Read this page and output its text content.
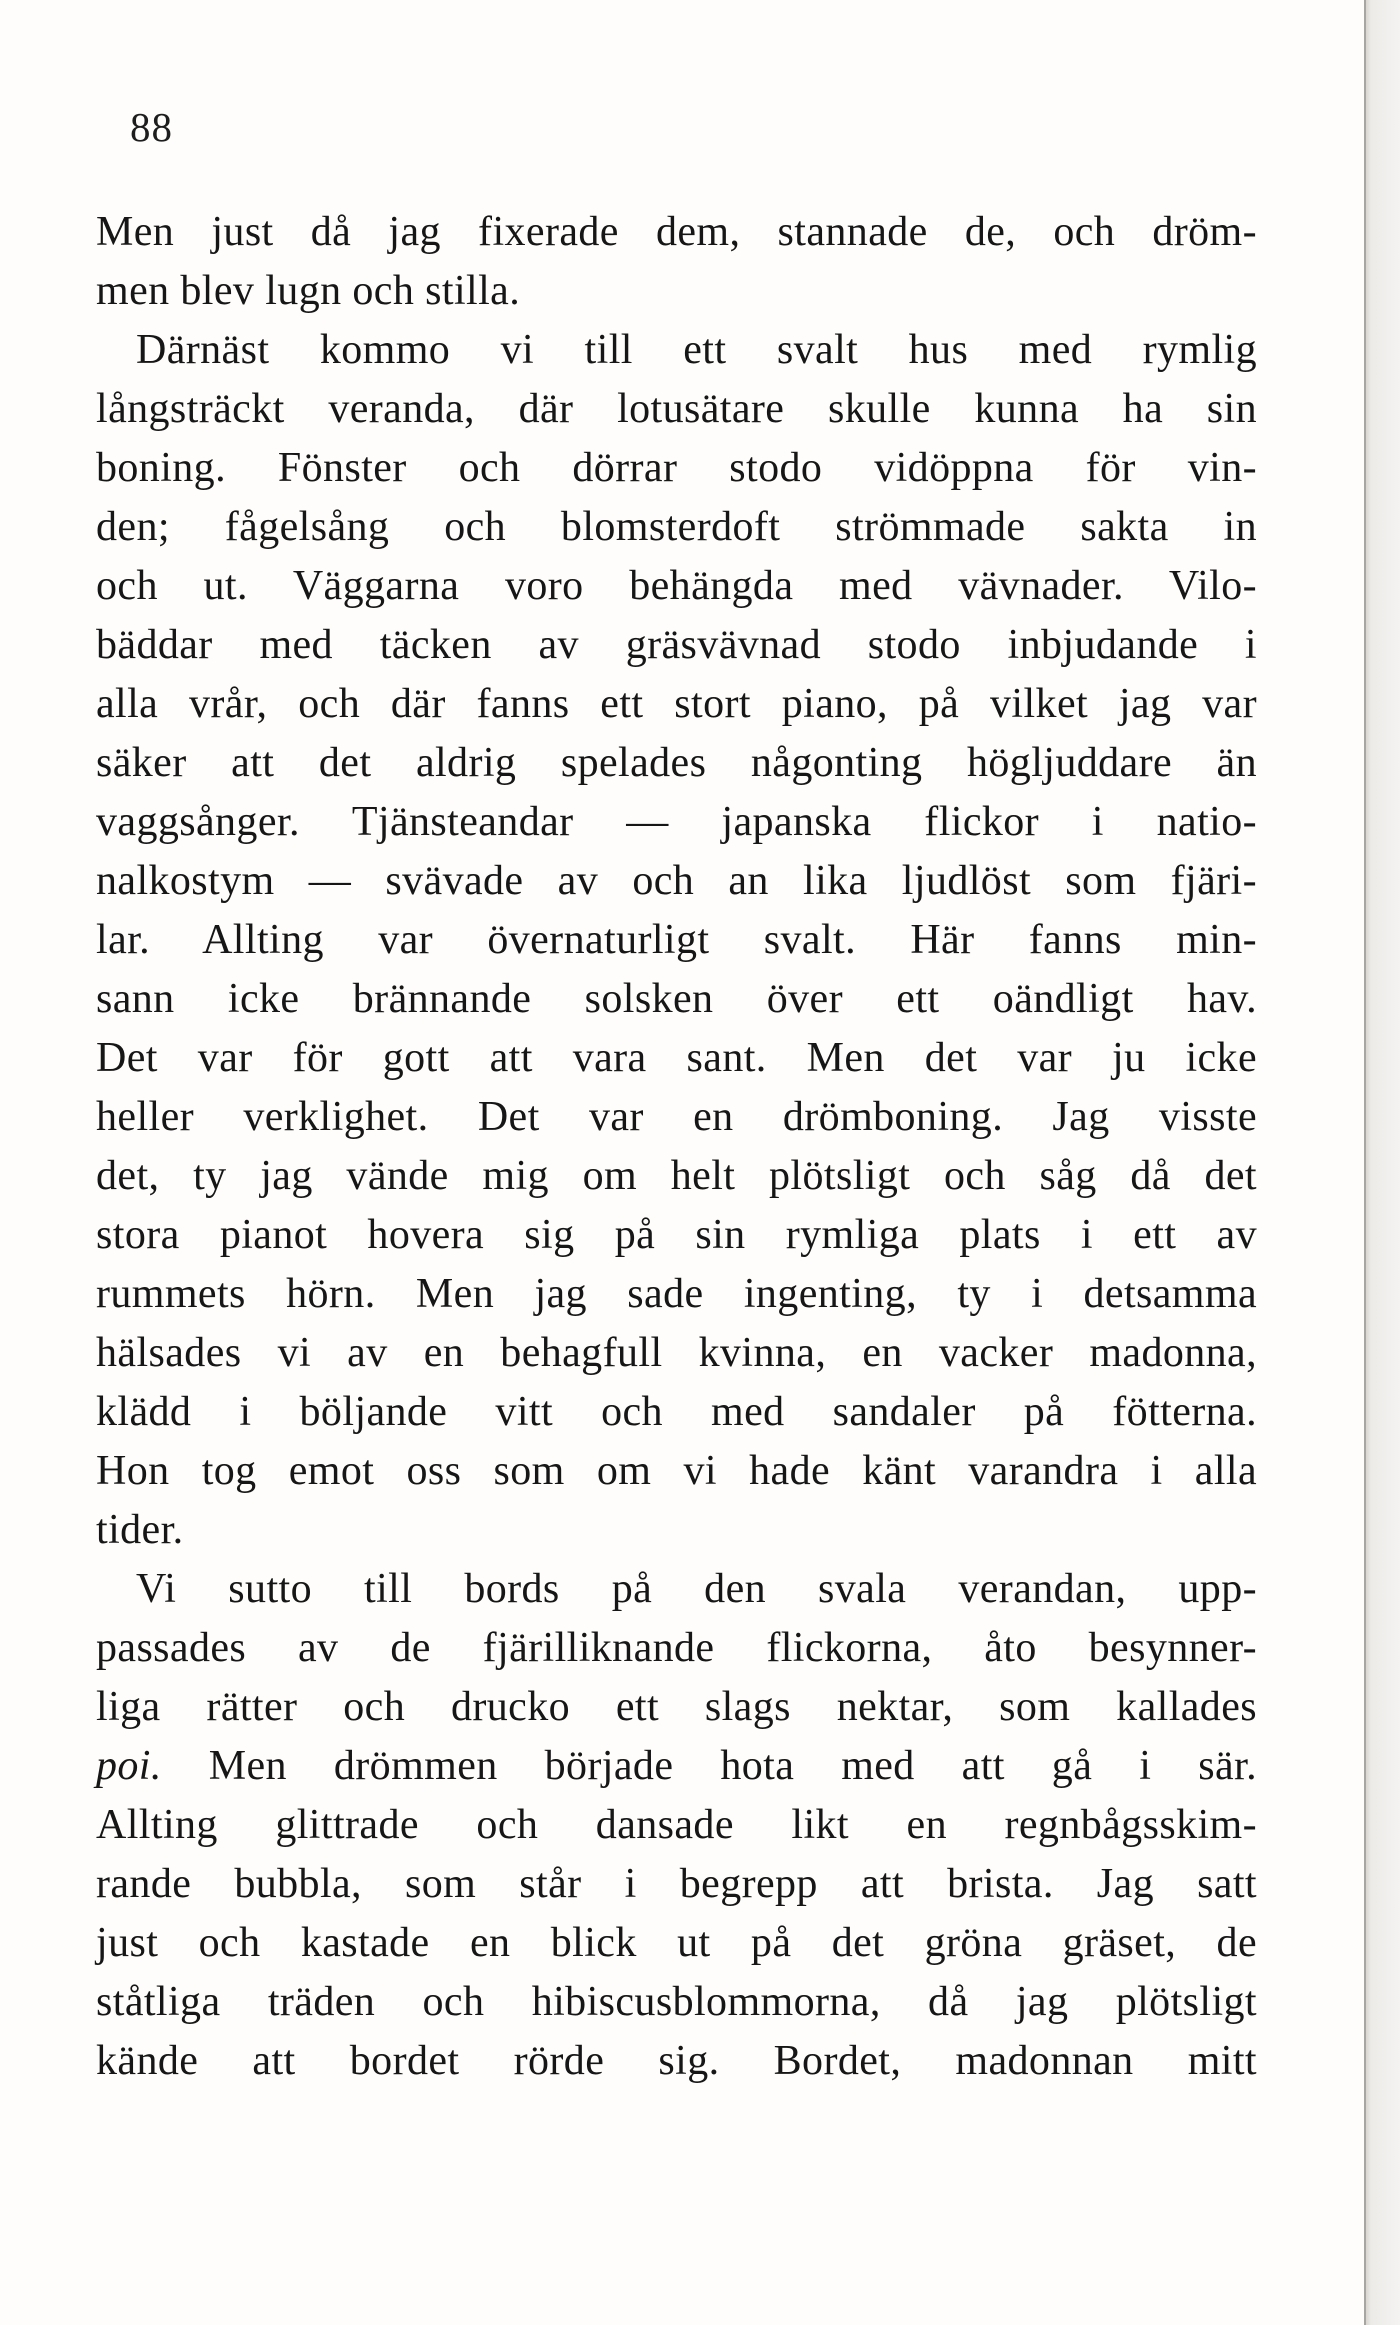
88
Men just då jag fixerade dem, stannade de, och dröm-
men blev lugn och stilla.
Därnäst kommo vi till ett svalt hus med rymlig
långsträckt veranda, där lotusätare skulle kunna ha sin
boning. Fönster och dörrar stodo vidöppna för vin-
den; fågelsång och blomsterdoft strömmade sakta in
och ut. Väggarna voro behängda med vävnader. Vilo-
bäddar med täcken av gräsvävnad stodo inbjudande i
alla vrår, och där fanns ett stort piano, på vilket jag var
säker att det aldrig spelades någonting högljuddare än
vaggsånger. Tjänsteandar — japanska flickor i natio-
nalkostym — svävade av och an lika ljudlöst som fjäri-
lar. Allting var övernaturligt svalt. Här fanns min-
sann icke brännande solsken över ett oändligt hav.
Det var för gott att vara sant. Men det var ju icke
heller verklighet. Det var en drömboning. Jag visste
det, ty jag vände mig om helt plötsligt och såg då det
stora pianot hovera sig på sin rymliga plats i ett av
rummets hörn. Men jag sade ingenting, ty i detsamma
hälsades vi av en behagfull kvinna, en vacker madonna,
klädd i böljande vitt och med sandaler på fötterna.
Hon tog emot oss som om vi hade känt varandra i alla
tider.
Vi sutto till bords på den svala verandan, upp-
passades av de fjärilliknande flickorna, åto besynner-
liga rätter och drucko ett slags nektar, som kallades
poi. Men drömmen började hota med att gå i sär.
Allting glittrade och dansade likt en regnbågsskim-
rande bubbla, som står i begrepp att brista. Jag satt
just och kastade en blick ut på det gröna gräset, de
ståtliga träden och hibiscusblommorna, då jag plötsligt
kände att bordet rörde sig. Bordet, madonnan mitt
